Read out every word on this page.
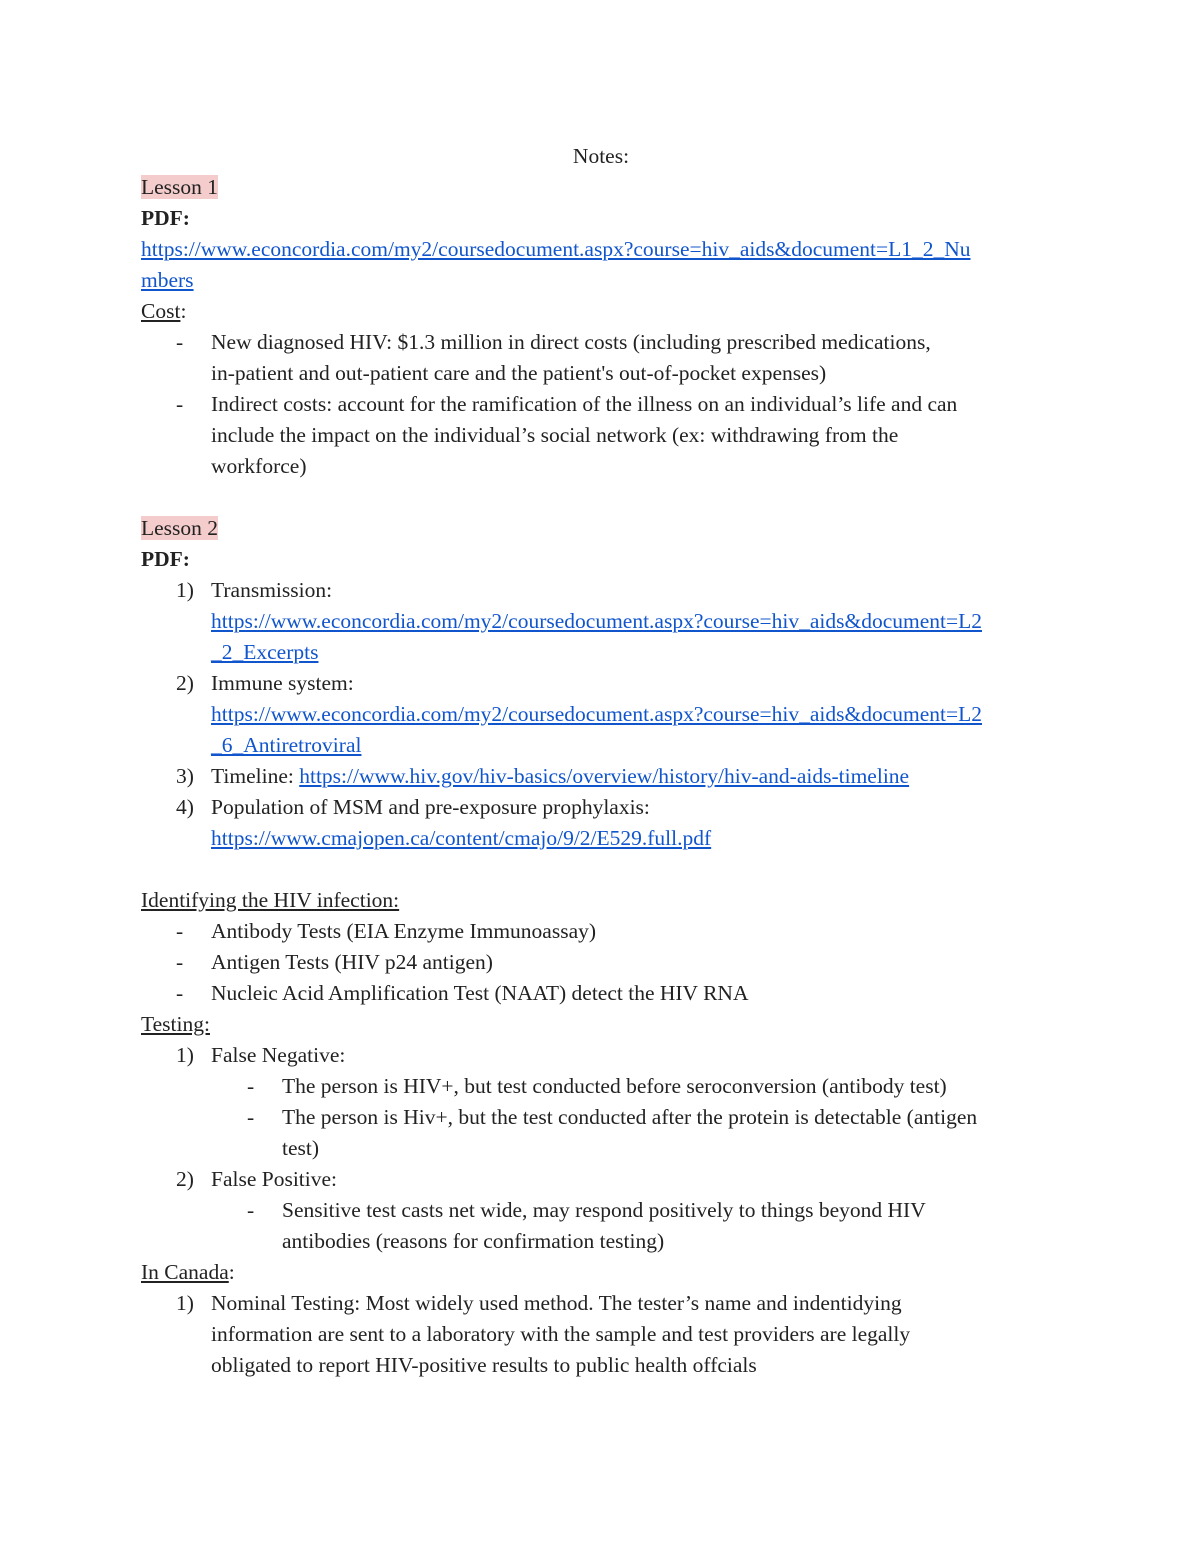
Notes:
Lesson 1
PDF:
https://www.econcordia.com/my2/coursedocument.aspx?course=hiv_aids&document=L1_2_Nu
mbers
Cost:
- New diagnosed HIV: $1.3 million in direct costs (including prescribed medications,
in-patient and out-patient care and the patient's out-of-pocket expenses)
- Indirect costs: account for the ramification of the illness on an individual’s life and can
include the impact on the individual’s social network (ex: withdrawing from the
workforce)
Lesson 2
PDF:
1) Transmission:
https://www.econcordia.com/my2/coursedocument.aspx?course=hiv_aids&document=L2
_2_Excerpts
2) Immune system:
https://www.econcordia.com/my2/coursedocument.aspx?course=hiv_aids&document=L2
_6_Antiretroviral
3) Timeline: https://www.hiv.gov/hiv-basics/overview/history/hiv-and-aids-timeline
4) Population of MSM and pre-exposure prophylaxis:
https://www.cmajopen.ca/content/cmajo/9/2/E529.full.pdf
Identifying the HIV infection:
- Antibody Tests (EIA Enzyme Immunoassay)
- Antigen Tests (HIV p24 antigen)
- Nucleic Acid Amplification Test (NAAT) detect the HIV RNA
Testing:
1) False Negative:
- The person is HIV+, but test conducted before seroconversion (antibody test)
- The person is Hiv+, but the test conducted after the protein is detectable (antigen
test)
2) False Positive:
- Sensitive test casts net wide, may respond positively to things beyond HIV
antibodies (reasons for confirmation testing)
In Canada:
1) Nominal Testing: Most widely used method. The tester’s name and indentidying
information are sent to a laboratory with the sample and test providers are legally
obligated to report HIV-positive results to public health offcials
